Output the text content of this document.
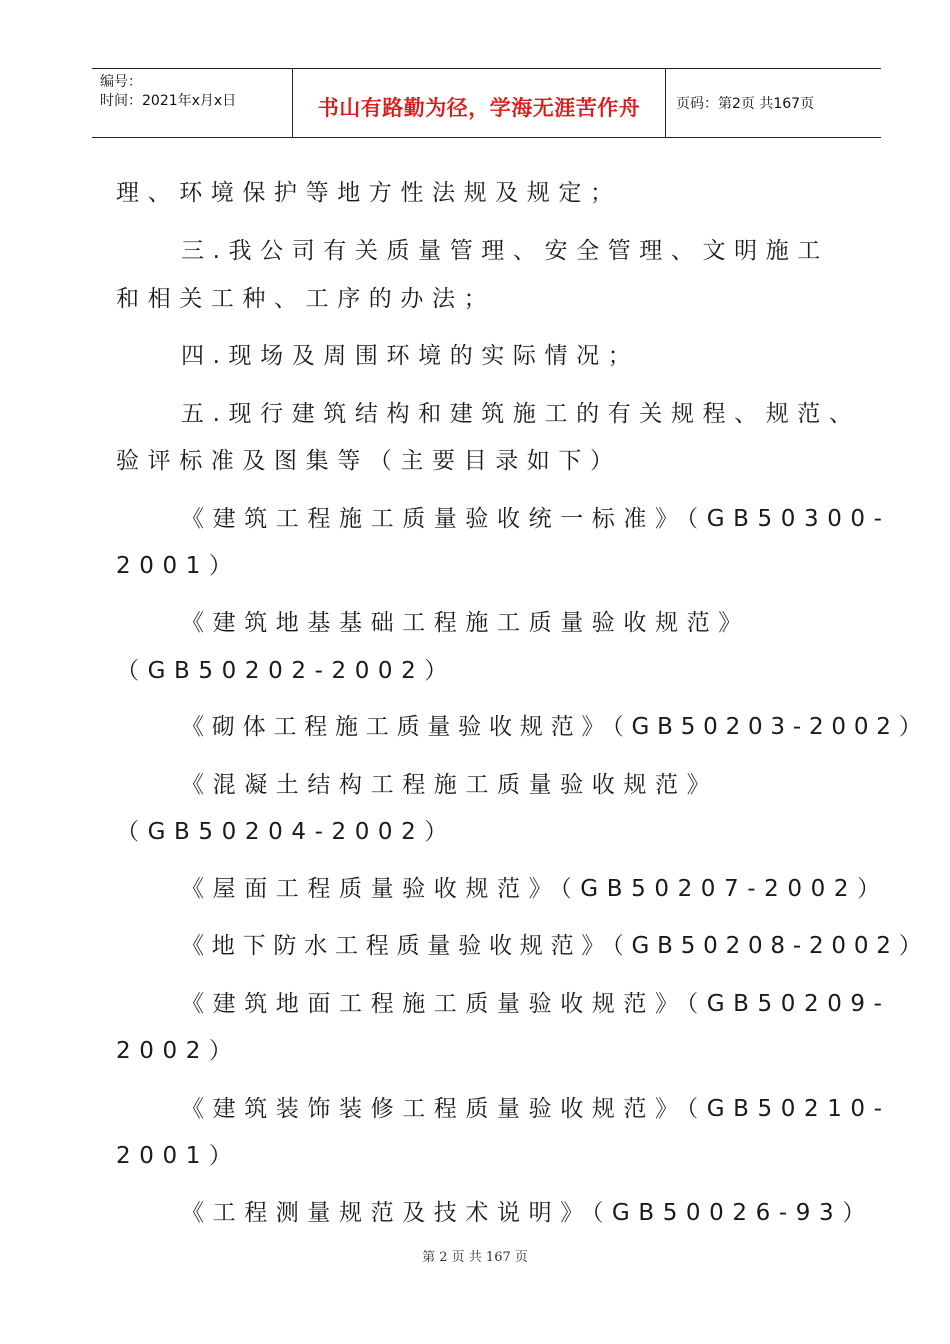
编号：
时间：2021年x月x日	书山有路勤为径，学海无涯苦作舟	页码：第2页 共167页
理、环境保护等地方性法规及规定；
三.我公司有关质量管理、安全管理、文明施工
和相关工种、工序的办法；
四.现场及周围环境的实际情况；
五.现行建筑结构和建筑施工的有关规程、规范、
验评标准及图集等（主要目录如下）
《建筑工程施工质量验收统一标准》（GB50300-
2001）
《建筑地基基础工程施工质量验收规范》
（GB50202-2002）
《砌体工程施工质量验收规范》（GB50203-2002）
《混凝土结构工程施工质量验收规范》
（GB50204-2002）
《屋面工程质量验收规范》（GB50207-2002）
《地下防水工程质量验收规范》（GB50208-2002）
《建筑地面工程施工质量验收规范》（GB50209-
2002）
《建筑装饰装修工程质量验收规范》（GB50210-
2001）
《工程测量规范及技术说明》（GB50026-93）
第 2 页 共 167 页
